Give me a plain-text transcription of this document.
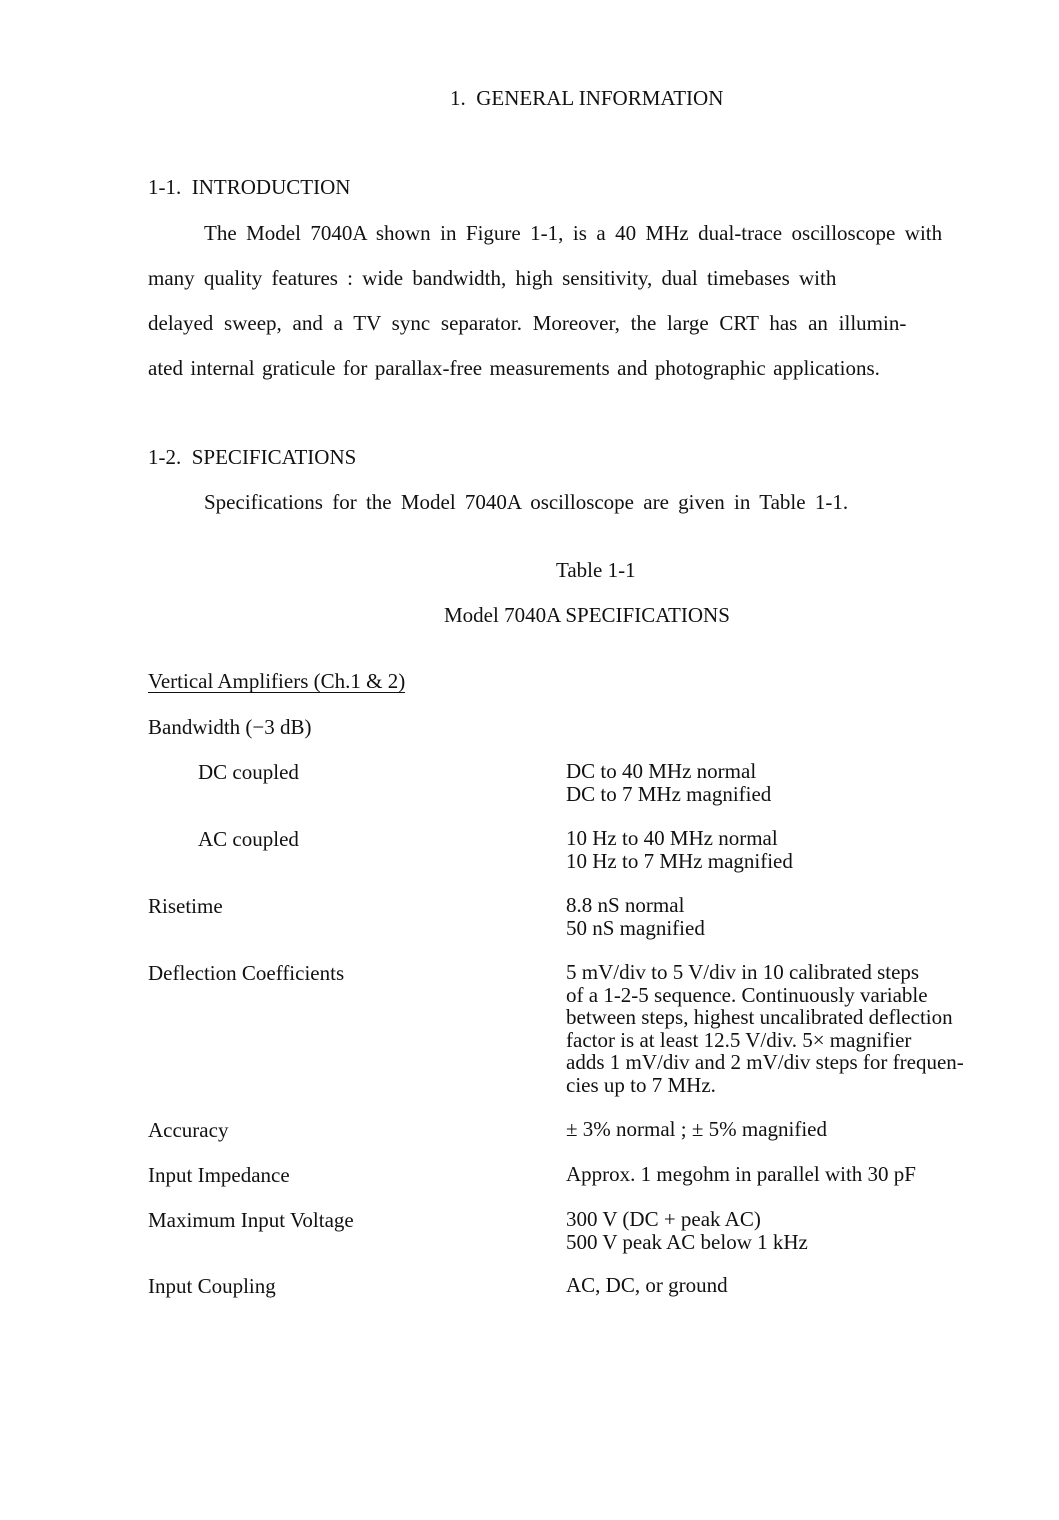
1. GENERAL INFORMATION
1-1. INTRODUCTION
The Model 7040A shown in Figure 1-1, is a 40 MHz dual-trace oscilloscope with
many quality features : wide bandwidth, high sensitivity, dual timebases with
delayed sweep, and a TV sync separator. Moreover, the large CRT has an illumin-
ated internal graticule for parallax-free measurements and photographic applications.
1-2. SPECIFICATIONS
Specifications for the Model 7040A oscilloscope are given in Table 1-1.
Table 1-1
Model 7040A SPECIFICATIONS
Vertical Amplifiers (Ch.1 & 2)
Bandwidth (−3 dB)
DC coupled	DC to 40 MHz normal
DC to 7 MHz magnified
AC coupled	10 Hz to 40 MHz normal
10 Hz to 7 MHz magnified
Risetime	8.8 nS normal
50 nS magnified
Deflection Coefficients	5 mV/div to 5 V/div in 10 calibrated steps
of a 1-2-5 sequence. Continuously variable
between steps, highest uncalibrated deflection
factor is at least 12.5 V/div. 5× magnifier
adds 1 mV/div and 2 mV/div steps for frequen-
cies up to 7 MHz.
Accuracy	± 3% normal ; ± 5% magnified
Input Impedance	Approx. 1 megohm in parallel with 30 pF
Maximum Input Voltage	300 V (DC + peak AC)
500 V peak AC below 1 kHz
Input Coupling	AC, DC, or ground
